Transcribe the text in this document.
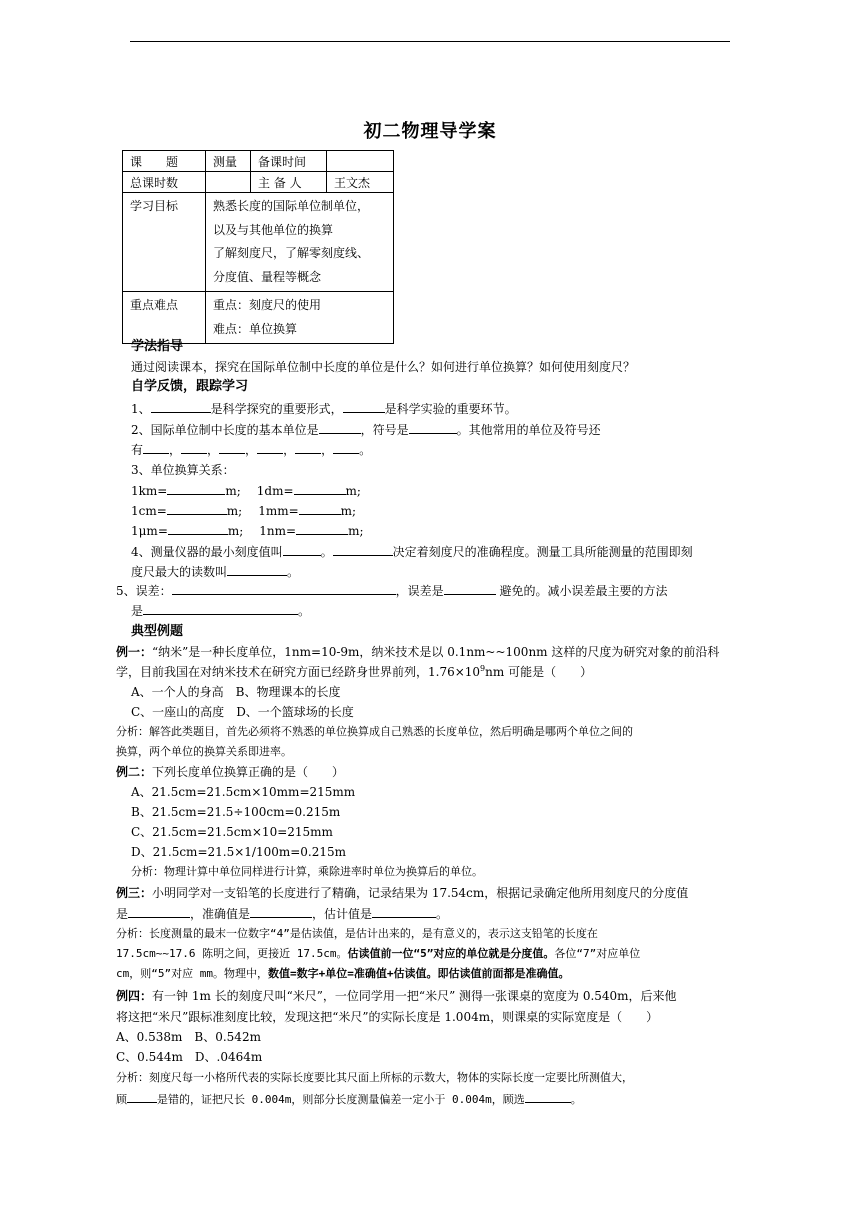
初二物理导学案
课　　题	测量	备课时间	
总课时数		主 备 人	王文杰
学习目标	熟悉长度的国际单位制单位，
以及与其他单位的换算
了解刻度尺，了解零刻度线、
分度值、量程等概念		

重点难点	重点：刻度尺的使用
难点：单位换算		
学法指导
通过阅读课本，探究在国际单位制中长度的单位是什么？如何进行单位换算？如何使用刻度尺？
自学反馈，跟踪学习
1、	是科学探究的重要形式，	是科学实验的重要环节。
2、国际单位制中长度的基本单位是	，符号是	。其他常用的单位及符号还
有 ， ， ， ， ， 。
3、单位换算关系：
1km=	m; 1dm=	m;
1cm=	m; 1mm=	m;
1μm=	m; 1nm=	m;
4、测量仪器的最小刻度值叫	。	决定着刻度尺的准确程度。测量工具所能测量的范围即刻
度尺最大的读数叫	。
5、误差：	，误差是	避免的。减小误差最主要的方法
是	。
典型例题
例一：“纳米”是一种长度单位，1nm=10-9m，纳米技术是以 0.1nm~~100nm 这样的尺度为研究对象的前沿科
学，目前我国在对纳米技术在研究方面已经跻身世界前列，$1.76\times 10^9nm$ 可能是（　　）
A、一个人的身高 B、物理课本的长度
C、一座山的高度 D、一个篮球场的长度
分析：解答此类题目，首先必须将不熟悉的单位换算成自己熟悉的长度单位，然后明确是哪两个单位之间的
换算，两个单位的换算关系即进率。
例二：下列长度单位换算正确的是（　　）
A、21.5cm=21.5cm×10mm=215mm
B、21.5cm=21.5÷100cm=0.215m
C、21.5cm=21.5cm×10=215mm
D、21.5cm=21.5×1/100m=0.215m
分析：物理计算中单位同样进行计算，乘除进率时单位为换算后的单位。
例三：小明同学对一支铅笔的长度进行了精确，记录结果为 17.54cm，根据记录确定他所用刻度尺的分度值
是	，准确值是	，估计值是	。
分析：长度测量的最末一位数字“4”是估读值，是估计出来的，是有意义的，表示这支铅笔的长度在
17.5cm~~17.6 陈明之间，更接近 17.5cm。估读值前一位“5”对应的单位就是分度值。各位“7”对应单位
cm，则“5”对应 mm。物理中，数值=数字+单位=准确值+估读值。即估读值前面都是准确值。
例四：有一钟 1m 长的刻度尺叫“米尺”，一位同学用一把“米尺” 测得一张课桌的宽度为 0.540m，后来他
将这把“米尺”跟标准刻度比较，发现这把“米尺”的实际长度是 1.004m，则课桌的实际宽度是（　　）
A、0.538m B、0.542m
C、0.544m D、.0464m
分析：刻度尺每一小格所代表的实际长度要比其尺面上所标的示数大，物体的实际长度一定要比所测值大，
顾	是错的，证把尺长 0.004m，则部分长度测量偏差一定小于 0.004m，顾选	。
